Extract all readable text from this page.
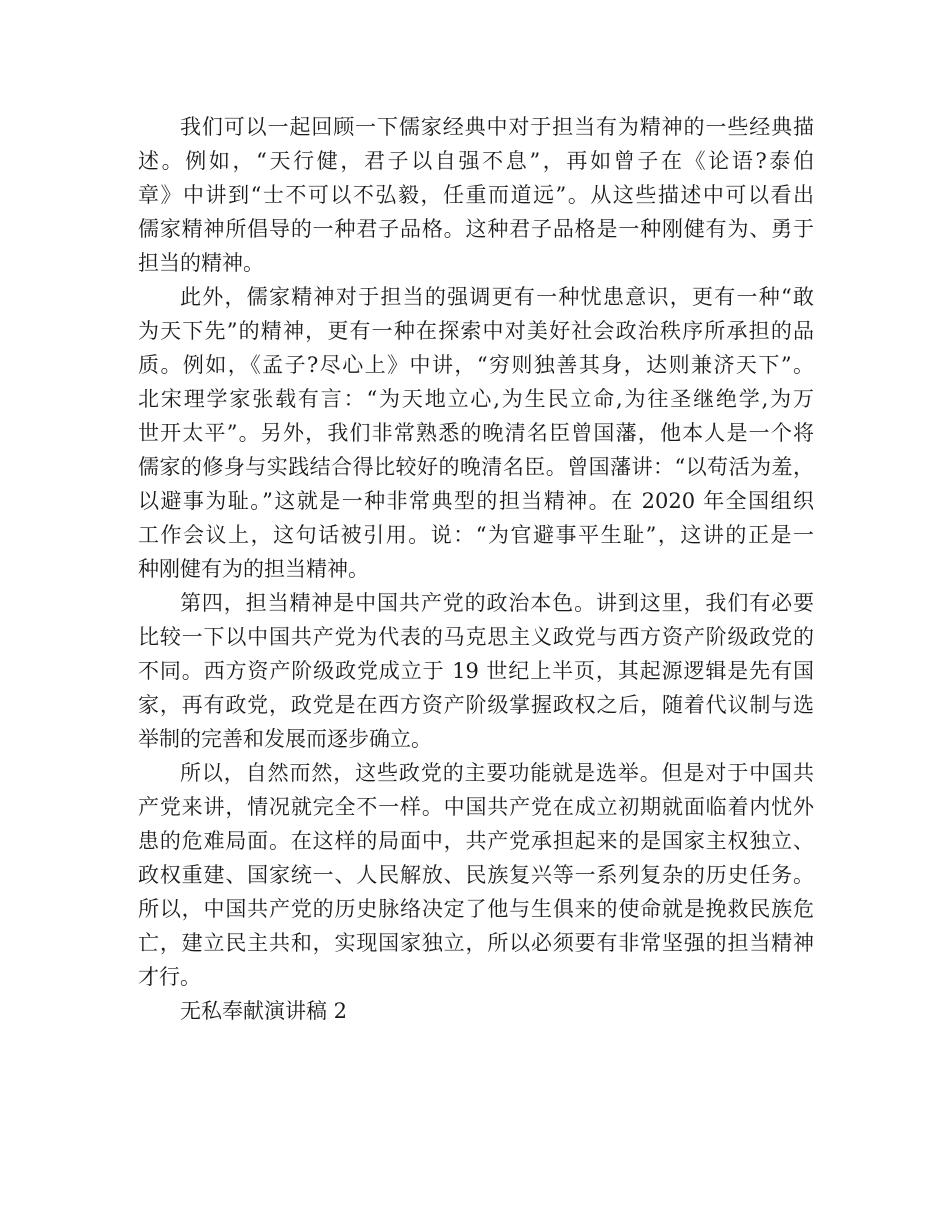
我们可以一起回顾一下儒家经典中对于担当有为精神的一些经典描
述。例如，“天行健，君子以自强不息”，再如曾子在《论语?泰伯
章》中讲到“士不可以不弘毅，任重而道远”。从这些描述中可以看出
儒家精神所倡导的一种君子品格。这种君子品格是一种刚健有为、勇于
担当的精神。
此外，儒家精神对于担当的强调更有一种忧患意识，更有一种“敢
为天下先”的精神，更有一种在探索中对美好社会政治秩序所承担的品
质。例如，《孟子?尽心上》中讲，“穷则独善其身，达则兼济天下”。
北宋理学家张载有言：“为天地立心,为生民立命,为往圣继绝学,为万
世开太平”。另外，我们非常熟悉的晚清名臣曾国藩，他本人是一个将
儒家的修身与实践结合得比较好的晚清名臣。曾国藩讲：“以苟活为羞，
以避事为耻。”这就是一种非常典型的担当精神。在 2020 年全国组织
工作会议上，这句话被引用。说：“为官避事平生耻”，这讲的正是一
种刚健有为的担当精神。
第四，担当精神是中国共产党的政治本色。讲到这里，我们有必要
比较一下以中国共产党为代表的马克思主义政党与西方资产阶级政党的
不同。西方资产阶级政党成立于 19 世纪上半页，其起源逻辑是先有国
家，再有政党，政党是在西方资产阶级掌握政权之后，随着代议制与选
举制的完善和发展而逐步确立。
所以，自然而然，这些政党的主要功能就是选举。但是对于中国共
产党来讲，情况就完全不一样。中国共产党在成立初期就面临着内忧外
患的危难局面。在这样的局面中，共产党承担起来的是国家主权独立、
政权重建、国家统一、人民解放、民族复兴等一系列复杂的历史任务。
所以，中国共产党的历史脉络决定了他与生俱来的使命就是挽救民族危
亡，建立民主共和，实现国家独立，所以必须要有非常坚强的担当精神
才行。
无私奉献演讲稿 2
